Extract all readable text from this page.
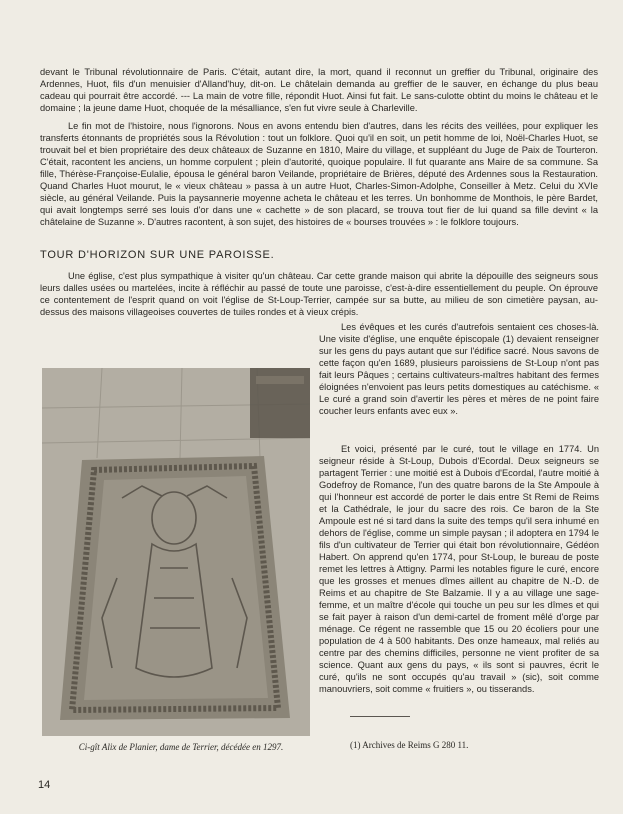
devant le Tribunal révolutionnaire de Paris. C'était, autant dire, la mort, quand il reconnut un greffier du Tribunal, originaire des Ardennes, Huot, fils d'un menuisier d'Alland'huy, dit-on. Le châtelain demanda au greffier de le sauver, en échange du plus beau cadeau qui pourrait être accordé. --- La main de votre fille, répondit Huot. Ainsi fut fait. Le sans-culotte obtint du moins le château et le domaine ; la jeune dame Huot, choquée de la mésalliance, s'en fut vivre seule à Charleville.

Le fin mot de l'histoire, nous l'ignorons. Nous en avons entendu bien d'autres, dans les récits des veillées, pour expliquer les transferts étonnants de propriétés sous la Révolution : tout un folklore. Quoi qu'il en soit, un petit homme de loi, Noël-Charles Huot, se trouvait bel et bien propriétaire des deux châteaux de Suzanne en 1810, Maire du village, et suppléant du Juge de Paix de Tourteron. C'était, racontent les anciens, un homme corpulent ; plein d'autorité, quoique populaire. Il fut quarante ans Maire de sa commune. Sa fille, Thérèse-Françoise-Eulalie, épousa le général baron Veilande, propriétaire de Brières, député des Ardennes sous la Restauration. Quand Charles Huot mourut, le « vieux château » passa à un autre Huot, Charles-Simon-Adolphe, Conseiller à Metz. Celui du XVIe siècle, au général Veilande. Puis la paysannerie moyenne acheta le château et les terres. Un bonhomme de Monthois, le père Bardet, qui avait longtemps serré ses louis d'or dans une « cachette » de son placard, se trouva tout fier de lui quand sa fille devint « la châtelaine de Suzanne ». D'autres racontent, à son sujet, des histoires de « bourses trouvées » : le folklore toujours.

TOUR D'HORIZON SUR UNE PAROISSE.

Une église, c'est plus sympathique à visiter qu'un château. Car cette grande maison qui abrite la dépouille des seigneurs sous leurs dalles usées ou martelées, incite à réfléchir au passé de toute une paroisse, c'est-à-dire essentiellement du peuple. On éprouve ce contentement de l'esprit quand on voit l'église de St-Loup-Terrier, campée sur sa butte, au milieu de son cimetière paysan, au-dessus des maisons villageoises couvertes de tuiles rondes et à vieux crépis.

Les évêques et les curés d'autrefois sentaient ces choses-là. Une visite d'église, une enquête épiscopale (1) devaient renseigner sur les gens du pays autant que sur l'édifice sacré. Nous savons de cette façon qu'en 1689, plusieurs paroissiens de St-Loup n'ont pas fait leurs Pâques ; certains cultivateurs-maîtres habitant des fermes éloignées n'envoient pas leurs petits domestiques au catéchisme. « Le curé a grand soin d'avertir les pères et mères de ne point faire coucher leurs enfants avec eux ».

Et voici, présenté par le curé, tout le village en 1774. Un seigneur réside à St-Loup, Dubois d'Ecordal. Deux seigneurs se partagent Terrier : une moitié est à Dubois d'Ecordal, l'autre moitié à Godefroy de Romance, l'un des quatre barons de la Ste Ampoule à qui l'honneur est accordé de porter le dais entre St Remi de Reims et la Cathédrale, le jour du sacre des rois. Ce baron de la Ste Ampoule est né si tard dans la suite des temps qu'il sera inhumé en dehors de l'église, comme un simple paysan ; il adoptera en 1794 le fils d'un cultivateur de Terrier qui était bon révolutionnaire, Gédéon Habert. On apprend qu'en 1774, pour St-Loup, le bureau de poste remet les lettres à Attigny. Parmi les notables figure le curé, encore que les grosses et menues dîmes aillent au chapitre de N.-D. de Reims et au chapitre de Ste Balzamie. Il y a au village une sage-femme, et un maître d'école qui touche un peu sur les dîmes et qui se fait payer à raison d'un demi-cartel de froment mêlé d'orge par ménage. Ce régent ne rassemble que 15 ou 20 écoliers pour une population de 4 à 500 habitants. Des onze hameaux, mal reliés au centre par des chemins difficiles, personne ne vient profiter de sa science. Quant aux gens du pays, « ils sont si pauvres, écrit le curé, qu'ils ne sont occupés qu'au travail » (sic), soit comme manouvriers, soit comme « fruitiers », ou tisserands.

Ci-gît Alix de Planier, dame de Terrier, décédée en 1297.	(1) Archives de Reims G 280 11.
14
